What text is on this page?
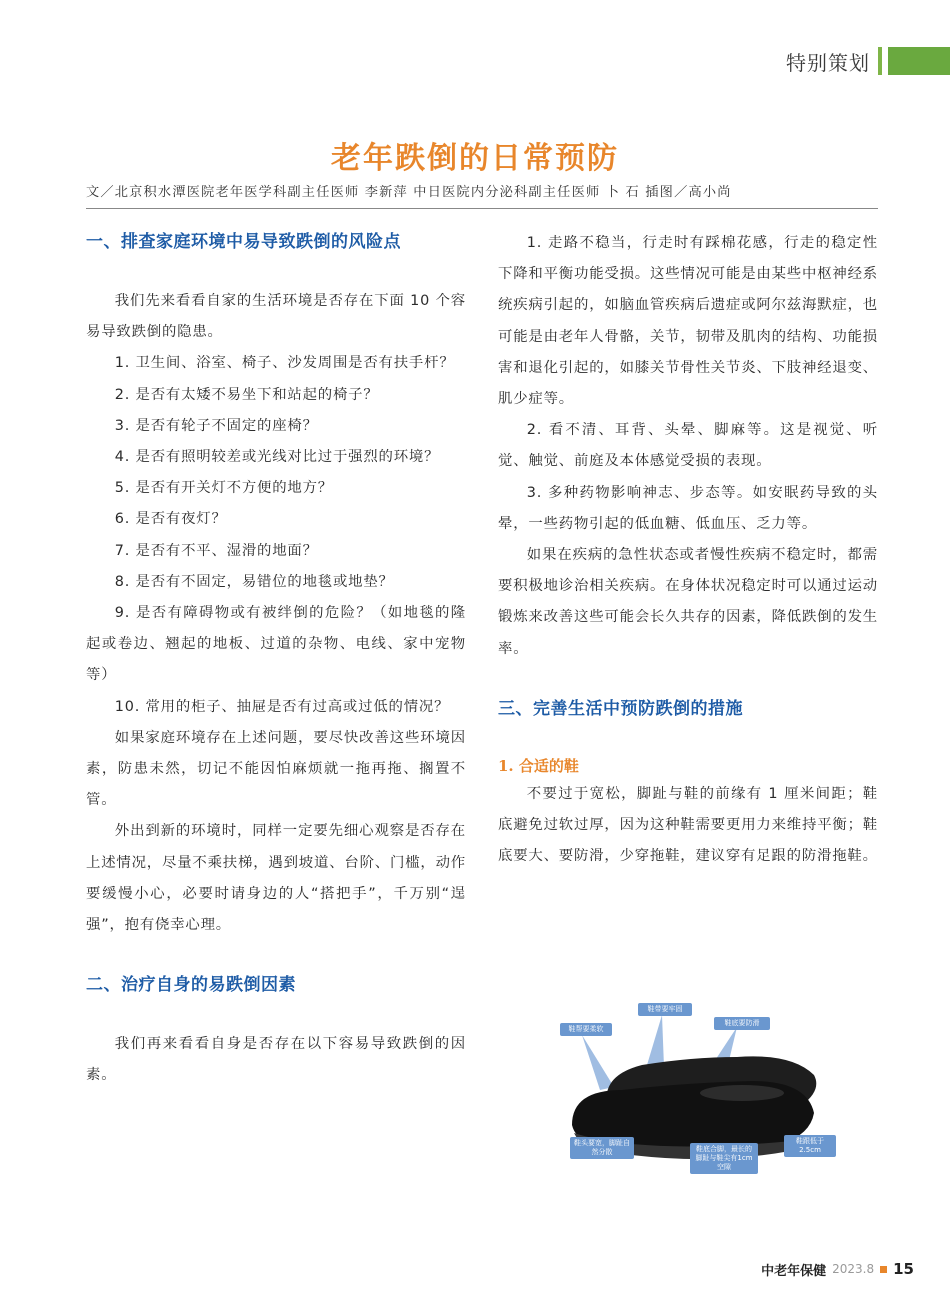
特别策划
老年跌倒的日常预防
文／北京积水潭医院老年医学科副主任医师 李新萍 中日医院内分泌科副主任医师 卜 石 插图／高小尚
一、排查家庭环境中易导致跌倒的风险点

我们先来看看自家的生活环境是否存在下面 10 个容易导致跌倒的隐患。

1. 卫生间、浴室、椅子、沙发周围是否有扶手杆？

2. 是否有太矮不易坐下和站起的椅子？

3. 是否有轮子不固定的座椅？

4. 是否有照明较差或光线对比过于强烈的环境？

5. 是否有开关灯不方便的地方？

6. 是否有夜灯？

7. 是否有不平、湿滑的地面？

8. 是否有不固定，易错位的地毯或地垫？

9. 是否有障碍物或有被绊倒的危险？（如地毯的隆起或卷边、翘起的地板、过道的杂物、电线、家中宠物等）

10. 常用的柜子、抽屉是否有过高或过低的情况？

如果家庭环境存在上述问题，要尽快改善这些环境因素，防患未然，切记不能因怕麻烦就一拖再拖、搁置不管。

外出到新的环境时，同样一定要先细心观察是否存在上述情况，尽量不乘扶梯，遇到坡道、台阶、门槛，动作要缓慢小心，必要时请身边的人“搭把手”，千万别“逞强”，抱有侥幸心理。

二、治疗自身的易跌倒因素

我们再来看看自身是否存在以下容易导致跌倒的因素。

1. 走路不稳当，行走时有踩棉花感，行走的稳定性下降和平衡功能受损。这些情况可能是由某些中枢神经系统疾病引起的，如脑血管疾病后遗症或阿尔兹海默症，也可能是由老年人骨骼，关节，韧带及肌肉的结构、功能损害和退化引起的，如膝关节骨性关节炎、下肢神经退变、肌少症等。

2. 看不清、耳背、头晕、脚麻等。这是视觉、听觉、触觉、前庭及本体感觉受损的表现。

3. 多种药物影响神志、步态等。如安眠药导致的头晕，一些药物引起的低血糖、低血压、乏力等。

如果在疾病的急性状态或者慢性疾病不稳定时，都需要积极地诊治相关疾病。在身体状况稳定时可以通过运动锻炼来改善这些可能会长久共存的因素，降低跌倒的发生率。

三、完善生活中预防跌倒的措施
1. 合适的鞋

不要过于宽松，脚趾与鞋的前缘有 1 厘米间距；鞋底避免过软过厚，因为这种鞋需要更用力来维持平衡；鞋底要大、要防滑，少穿拖鞋，建议穿有足跟的防滑拖鞋。

鞋帮要柔软
鞋带要牢固
鞋底要防滑
鞋头要宽，脚趾自然分散	鞋底合脚，最长的脚趾与鞋尖有1cm空隙
鞋跟低于2.5cm
中老年保健 2023.8 15
